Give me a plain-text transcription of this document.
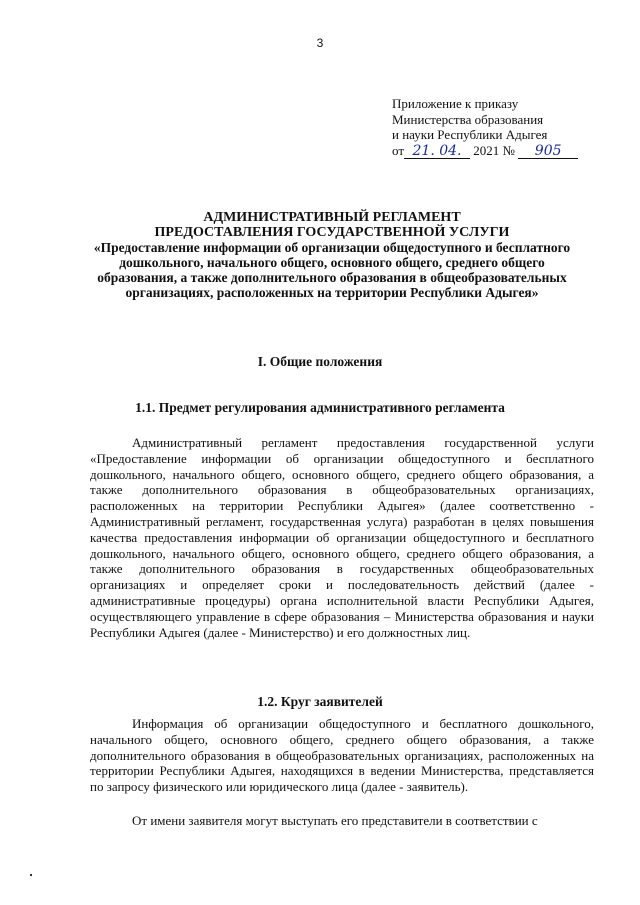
3
Приложение к приказу
Министерства образования
и науки Республики Адыгея
от 21. 04. 2021 № 905
АДМИНИСТРАТИВНЫЙ РЕГЛАМЕНТ
ПРЕДОСТАВЛЕНИЯ ГОСУДАРСТВЕННОЙ УСЛУГИ
«Предоставление информации об организации общедоступного и бесплатного дошкольного, начального общего, основного общего, среднего общего образования, а также дополнительного образования в общеобразовательных организациях, расположенных на территории Республики Адыгея»
I. Общие положения
1.1. Предмет регулирования административного регламента
Административный регламент предоставления государственной услуги «Предоставление информации об организации общедоступного и бесплатного дошкольного, начального общего, основного общего, среднего общего образования, а также дополнительного образования в общеобразовательных организациях, расположенных на территории Республики Адыгея» (далее соответственно - Административный регламент, государственная услуга) разработан в целях повышения качества предоставления информации об организации общедоступного и бесплатного дошкольного, начального общего, основного общего, среднего общего образования, а также дополнительного образования в государственных общеобразовательных организациях и определяет сроки и последовательность действий (далее - административные процедуры) органа исполнительной власти Республики Адыгея, осуществляющего управление в сфере образования – Министерства образования и науки Республики Адыгея (далее - Министерство) и его должностных лиц.
1.2. Круг заявителей
Информация об организации общедоступного и бесплатного дошкольного, начального общего, основного общего, среднего общего образования, а также дополнительного образования в общеобразовательных организациях, расположенных на территории Республики Адыгея, находящихся в ведении Министерства, представляется по запросу физического или юридического лица (далее - заявитель).
От имени заявителя могут выступать его представители в соответствии с
